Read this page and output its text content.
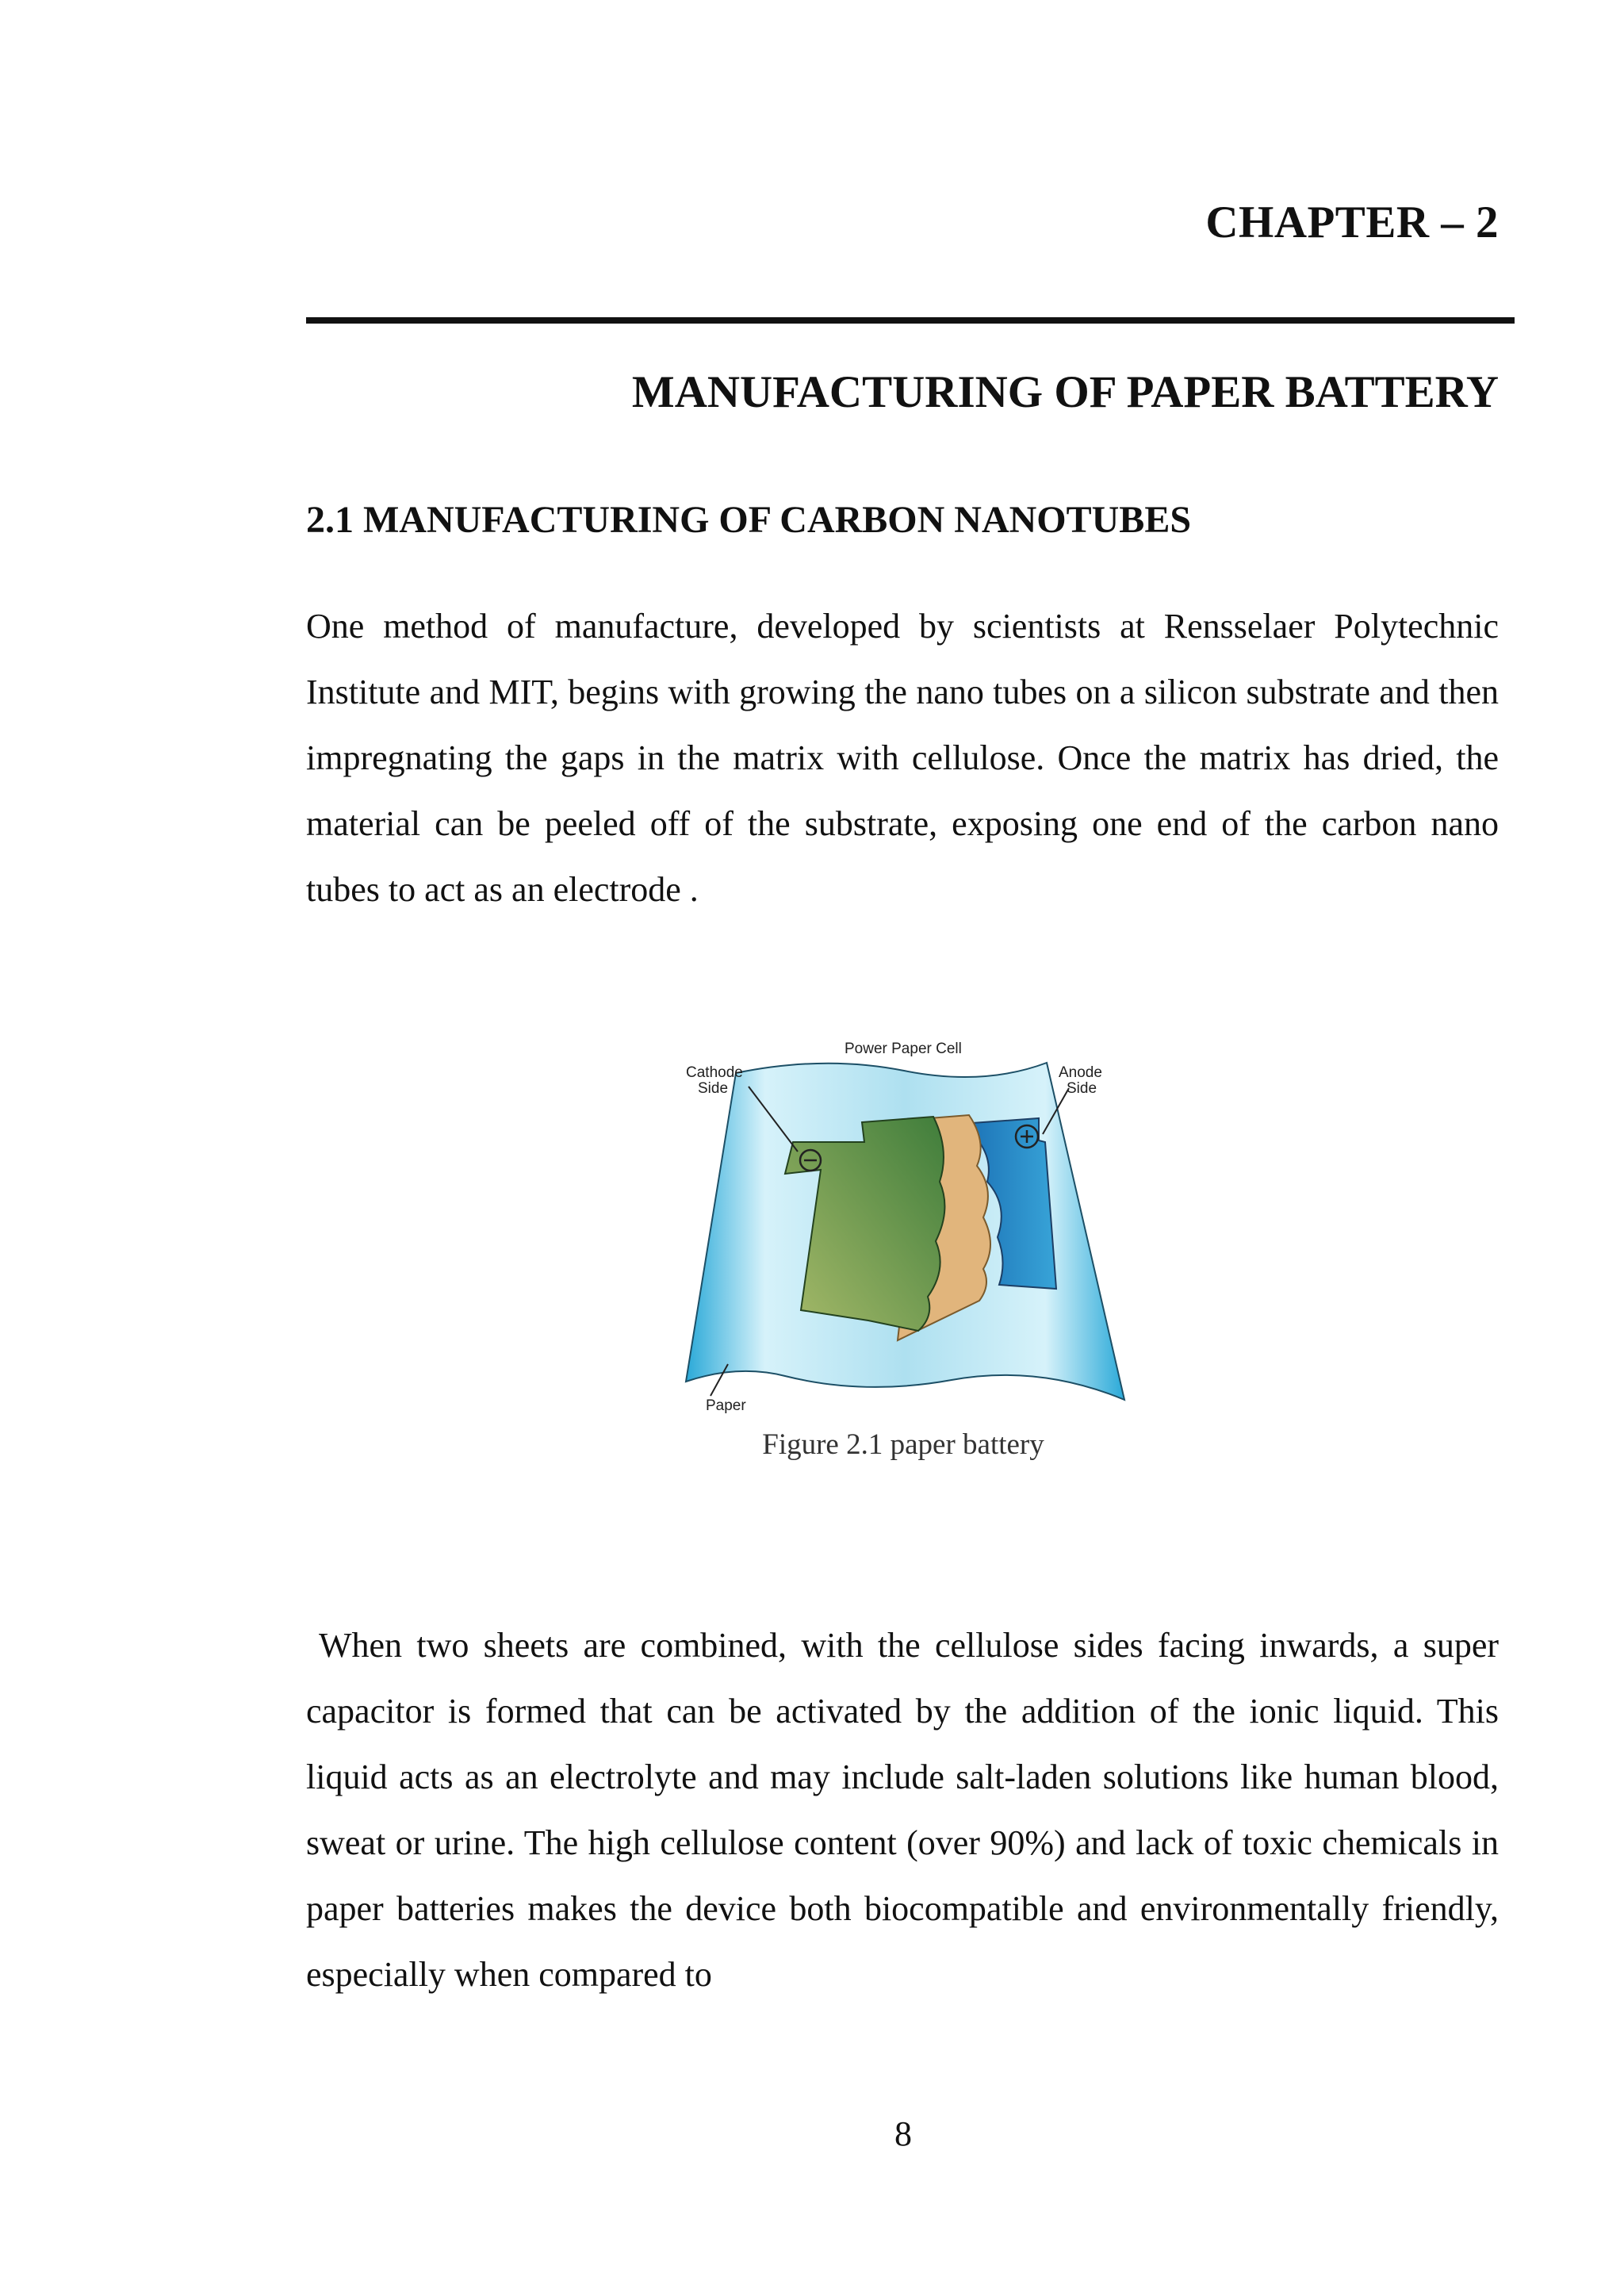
CHAPTER – 2
MANUFACTURING OF PAPER BATTERY
2.1 MANUFACTURING OF CARBON NANOTUBES

One method of manufacture, developed by scientists at Rensselaer Polytechnic Institute and MIT, begins with growing the nano tubes on a silicon substrate and then impregnating the gaps in the matrix with cellulose. Once the matrix has dried, the material can be peeled off of the substrate, exposing one end of the carbon nano tubes to act as an electrode .

Power Paper Cell
Cathode
Side
Anode
Side
Paper
Figure 2.1 paper battery

When two sheets are combined, with the cellulose sides facing inwards, a super capacitor is formed that can be activated by the addition of the ionic liquid. This liquid acts as an electrolyte and may include salt-laden solutions like human blood, sweat or urine. The high cellulose content (over 90%) and lack of toxic chemicals in paper batteries makes the device both biocompatible and environmentally friendly, especially when compared to

8
